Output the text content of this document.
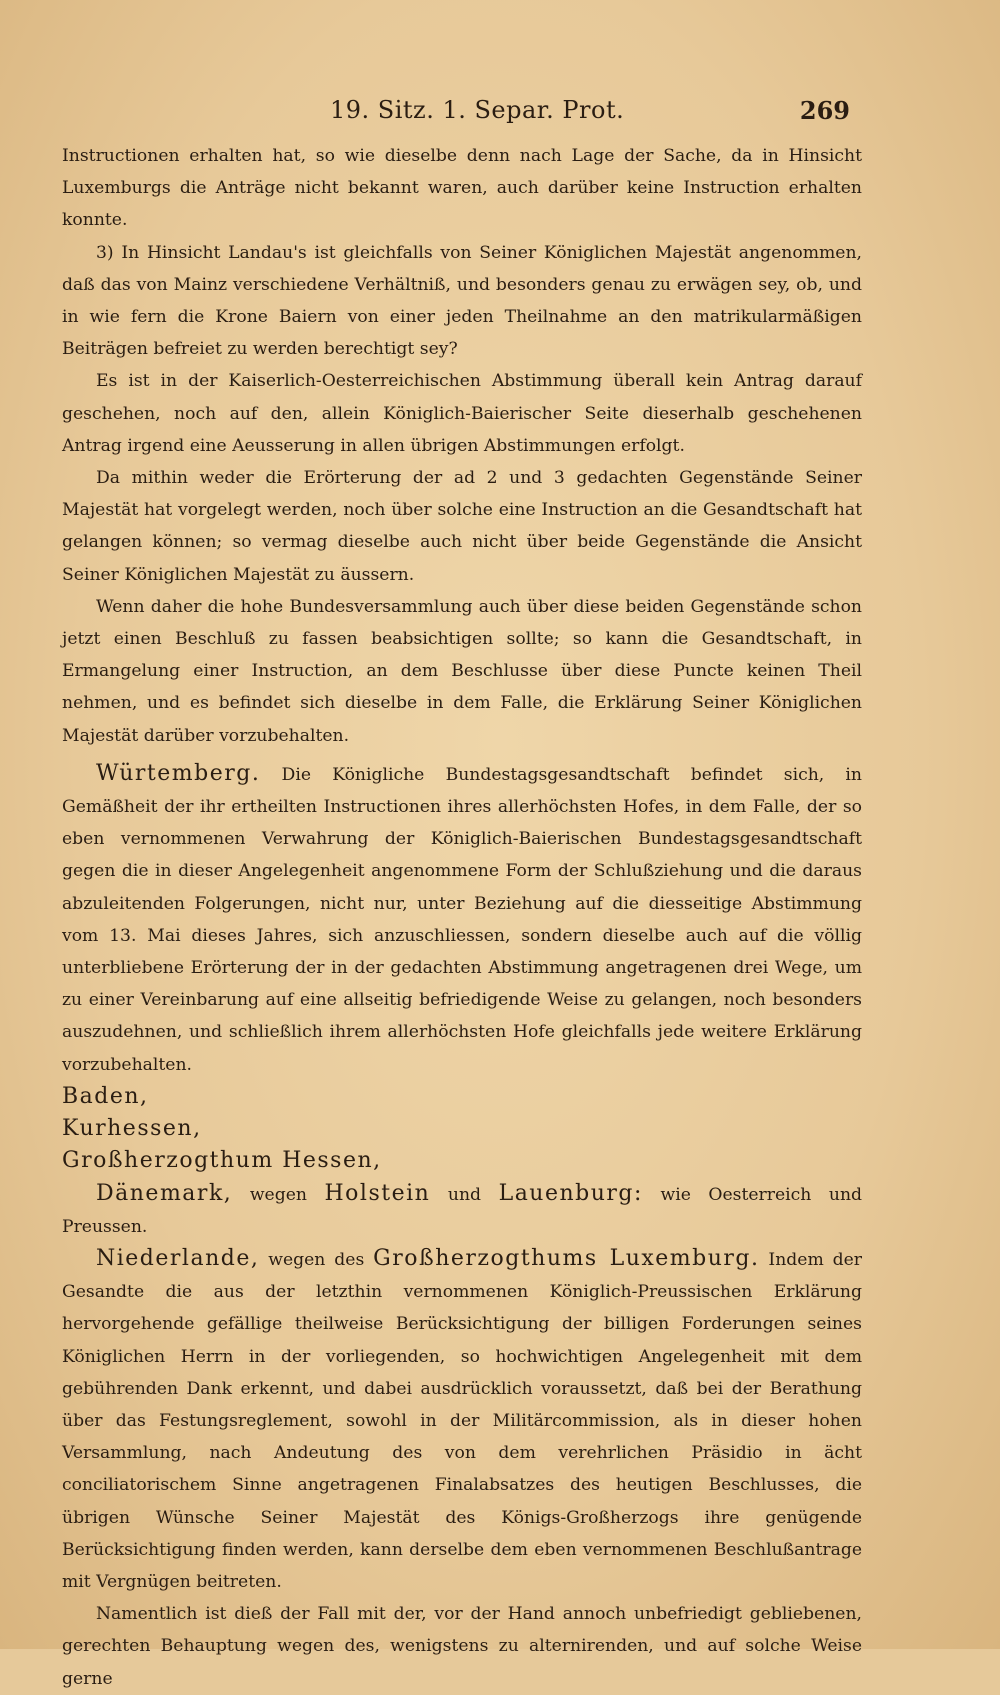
19. Sitz. 1. Separ. Prot.	269

Instructionen erhalten hat, so wie dieselbe denn nach Lage der Sache, da in Hinsicht Luxemburgs die Anträge nicht bekannt waren, auch darüber keine Instruction erhalten konnte.

3) In Hinsicht Landau's ist gleichfalls von Seiner Königlichen Majestät angenommen, daß das von Mainz verschiedene Verhältniß, und besonders genau zu erwägen sey, ob, und in wie fern die Krone Baiern von einer jeden Theilnahme an den matrikularmäßigen Beiträgen befreiet zu werden berechtigt sey?

Es ist in der Kaiserlich-Oesterreichischen Abstimmung überall kein Antrag darauf geschehen, noch auf den, allein Königlich-Baierischer Seite dieserhalb geschehenen Antrag irgend eine Aeusserung in allen übrigen Abstimmungen erfolgt.

Da mithin weder die Erörterung der ad 2 und 3 gedachten Gegenstände Seiner Majestät hat vorgelegt werden, noch über solche eine Instruction an die Gesandtschaft hat gelangen können; so vermag dieselbe auch nicht über beide Gegenstände die Ansicht Seiner Königlichen Majestät zu äussern.

Wenn daher die hohe Bundesversammlung auch über diese beiden Gegenstände schon jetzt einen Beschluß zu fassen beabsichtigen sollte; so kann die Gesandtschaft, in Ermangelung einer Instruction, an dem Beschlusse über diese Puncte keinen Theil nehmen, und es befindet sich dieselbe in dem Falle, die Erklärung Seiner Königlichen Majestät darüber vorzubehalten.

Würtemberg. Die Königliche Bundestagsgesandtschaft befindet sich, in Gemäßheit der ihr ertheilten Instructionen ihres allerhöchsten Hofes, in dem Falle, der so eben vernommenen Verwahrung der Königlich-Baierischen Bundestagsgesandtschaft gegen die in dieser Angelegenheit angenommene Form der Schlußziehung und die daraus abzuleitenden Folgerungen, nicht nur, unter Beziehung auf die diesseitige Abstimmung vom 13. Mai dieses Jahres, sich anzuschliessen, sondern dieselbe auch auf die völlig unterbliebene Erörterung der in der gedachten Abstimmung angetragenen drei Wege, um zu einer Vereinbarung auf eine allseitig befriedigende Weise zu gelangen, noch besonders auszudehnen, und schließlich ihrem allerhöchsten Hofe gleichfalls jede weitere Erklärung vorzubehalten.

Baden,

Kurhessen,

Großherzogthum Hessen,

Dänemark, wegen Holstein und Lauenburg: wie Oesterreich und Preussen.

Niederlande, wegen des Großherzogthums Luxemburg. Indem der Gesandte die aus der letzthin vernommenen Königlich-Preussischen Erklärung hervorgehende gefällige theilweise Berücksichtigung der billigen Forderungen seines Königlichen Herrn in der vorliegenden, so hochwichtigen Angelegenheit mit dem gebührenden Dank erkennt, und dabei ausdrücklich voraussetzt, daß bei der Berathung über das Festungsreglement, sowohl in der Militärcommission, als in dieser hohen Versammlung, nach Andeutung des von dem verehrlichen Präsidio in ächt conciliatorischem Sinne angetragenen Finalabsatzes des heutigen Beschlusses, die übrigen Wünsche Seiner Majestät des Königs-Großherzogs ihre genügende Berücksichtigung finden werden, kann derselbe dem eben vernommenen Beschlußantrage mit Vergnügen beitreten.

Namentlich ist dieß der Fall mit der, vor der Hand annoch unbefriedigt gebliebenen, gerechten Behauptung wegen des, wenigstens zu alternirenden, und auf solche Weise gerne
